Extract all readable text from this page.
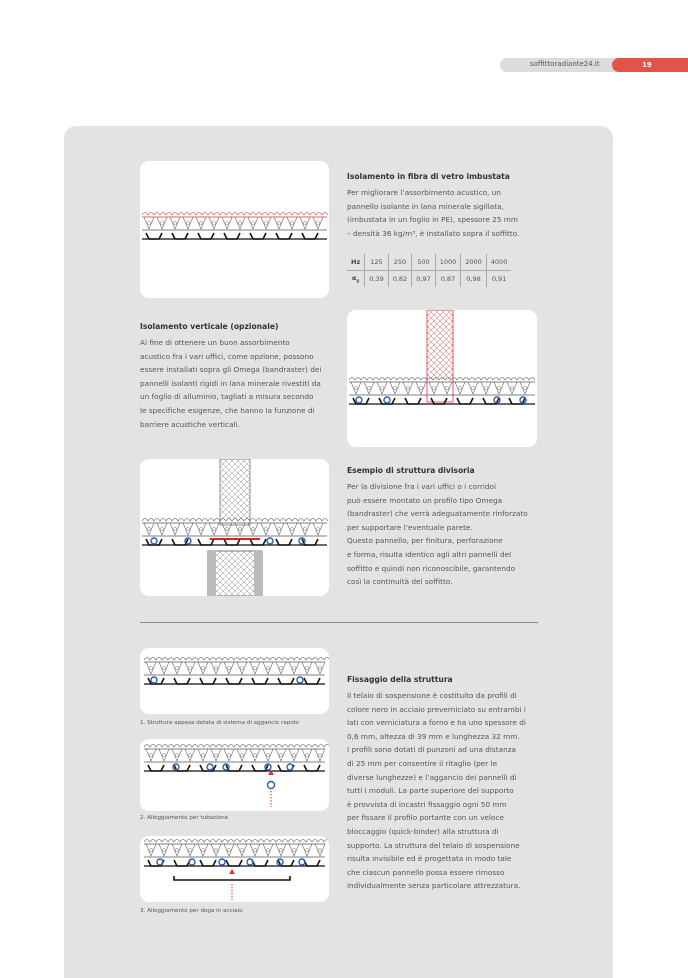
soffittoradiante24.it	19
Isolamento in fibra di vetro imbustata

Per migliorare l’assorbimento acustico, un

pannello isolante in lana minerale sigillata,

(imbustata in un foglio in PE), spessore 25 mm

– densità 36 kg/m³, è installato sopra il soffitto.

Hz	125	250	500	1000	2000	4000
$\alpha_s$	0,39	0,82	0,97	0,87	0,98	0,91
Isolamento verticale (opzionale)

Al fine di ottenere un buon assorbimento

acustico fra i vari uffici, come opzione, possono

essere installati sopra gli Omega (bandraster) dei

pannelli isolanti rigidi in lana minerale rivestiti da

un foglio di alluminio, tagliati a misura secondo

le specifiche esigenze, che hanno la funzione di

barriere acustiche verticali.

Esempio di struttura divisoria

Per la divisione fra i vari uffici o i corridoi

può essere montato un profilo tipo Omega

(bandraster) che verrà adeguatamente rinforzato

per supportare l’eventuale parete.

Questo pannello, per finitura, perforazione

e forma, risulta identico agli altri pannelli del

soffitto e quindi non riconoscibile, garantendo

così la continuità del soffitto.

1. Struttura appesa dotata di sistema di aggancio rapido
2. Alloggiamento per tubazione
3. Alloggiamento per doga in acciaio
Fissaggio della struttura

Il telaio di sospensione è costituito da profili di

colore nero in acciaio preverniciato su entrambi i

lati con verniciatura a forno e ha uno spessore di

0,6 mm, altezza di 39 mm e lunghezza 32 mm.

I profili sono dotati di punzoni ad una distanza

di 25 mm per consentire il ritaglio (per le

diverse lunghezze) e l’aggancio dei pannelli di

tutti i moduli. La parte superiore del supporto

è provvista di incastri fissaggio ogni 50 mm

per fissare il profilo portante con un veloce

bloccaggio (quick-binder) alla struttura di

supporto. La struttura del telaio di sospensione

risulta invisibile ed è progettata in modo tale

che ciascun pannello possa essere rimosso

individualmente senza particolare attrezzatura.
